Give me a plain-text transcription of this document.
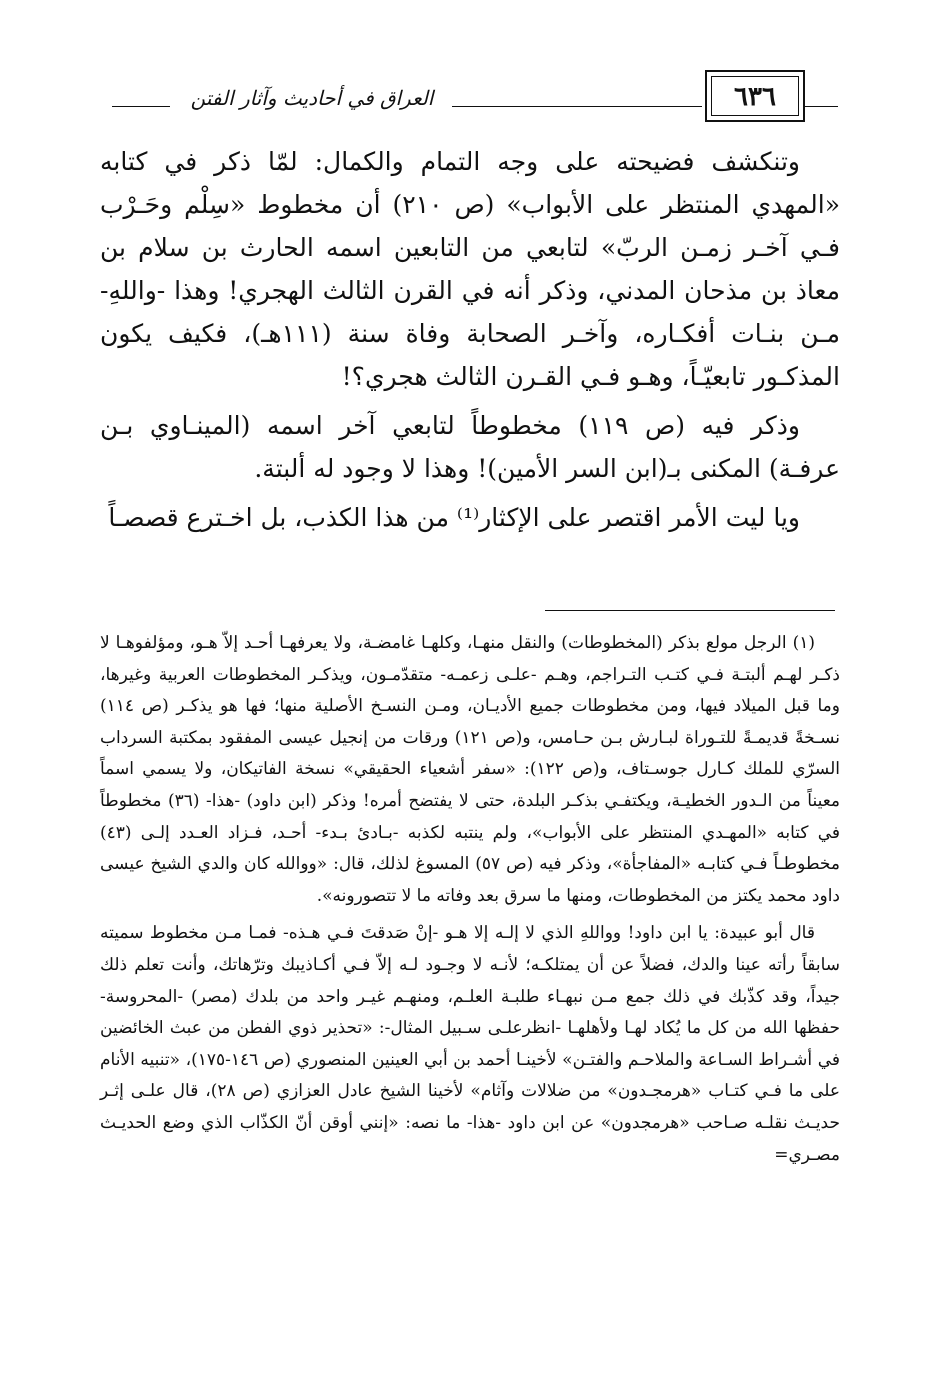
العراق في أحاديث وآثار الفتن	٦٣٦

وتنكشف فضيحته على وجه التمام والكمال: لمّا ذكر في كتابه «المهدي المنتظر على الأبواب» (ص ٢١٠) أن مخطوط «سِلْم وحَـرْب فـي آخـر زمـن الربّ» لتابعي من التابعين اسمه الحارث بن سلام بن معاذ بن مذحان المدني، وذكر أنه في القرن الثالث الهجري! وهذا -واللهِ- مـن بنـات أفكـاره، وآخـر الصحابة وفاة سنة (١١١هـ)، فكيف يكون المذكـور تابعيّـاً، وهـو فـي القـرن الثالث هجري؟!

وذكر فيه (ص ١١٩) مخطوطاً لتابعي آخر اسمه (المينـاوي بـن عرفـة) المكنى بـ(ابن السر الأمين)! وهذا لا وجود له ألبتة.

ويا ليت الأمر اقتصر على الإكثار⁽¹⁾ من هذا الكذب، بل اخـترع قصصـاً

(١) الرجل مولع بذكر (المخطوطات) والنقل منهـا، وكلهـا غامضـة، ولا يعرفهـا أحـد إلاّ هـو، ومؤلفوهـا لا ذكـر لهـم ألبتـة فـي كتـب التـراجم، وهـم -علـى زعمـه- متقدّمـون، ويذكـر المخطوطات العربية وغيرها، وما قبل الميلاد فيها، ومن مخطوطات جميع الأديـان، ومـن النسـخ الأصلية منها؛ فها هو يذكـر (ص ١١٤) نسـخةً قديمـةً للتـوراة لبـارش بـن حـامس، و(ص ١٢١) ورقات من إنجيل عيسى المفقود بمكتبة السرداب السرّي للملك كـارل جوسـتاف، و(ص ١٢٢): «سفر أشعياء الحقيقي» نسخة الفاتيكان، ولا يسمي اسماً معيناً من الـدور الخطيـة، ويكتفـي بذكـر البلدة، حتى لا يفتضح أمره! وذكر (ابن داود) -هذا- (٣٦) مخطوطاً في كتابه «المهـدي المنتظر على الأبواب»، ولم ينتبه لكذبه -بـادئ بـدء- أحـد، فـزاد العـدد إلـى (٤٣) مخطوطـاً فـي كتابـه «المفاجأة»، وذكر فيه (ص ٥٧) المسوغ لذلك، قال: «ووالله كان والدي الشيخ عيسى داود محمد يكتز من المخطوطات، ومنها ما سرق بعد وفاته ما لا تتصورونه».

قال أبو عبيدة: يا ابن داود! وواللهِ الذي لا إلـه إلا هـو -إنْ صَدقتَ فـي هـذه- فمـا مـن مخطوط سميته سابقاً رأته عينا والدك، فضلاً عن أن يمتلكـه؛ لأنـه لا وجـود لـه إلاّ فـي أكـاذيبك وترّهاتك، وأنت تعلم ذلك جيداً، وقد كذّبك في ذلك جمع مـن نبهـاء طلبـة العلـم، ومنهـم غيـر واحد من بلدك (مصر) -المحروسة- حفظها الله من كل ما يُكاد لهـا ولأهلهـا -انظرعلـى سـبيل المثال-: «تحذير ذوي الفطن من عبث الخائضين في أشـراط السـاعة والملاحـم والفتـن» لأخينـا أحمد بن أبي العينين المنصوري (ص ١٤٦-١٧٥)، «تنبيه الأنام على ما فـي كتـاب «هرمجـدون» من ضلالات وآثام» لأخينا الشيخ عادل العزازي (ص ٢٨)، قال علـى إثـر حديـث نقلـه صـاحب «هرمجدون» عن ابن داود -هذا- ما نصه: «إنني أوقن أنّ الكذّاب الذي وضع الحديـث مصـري=
